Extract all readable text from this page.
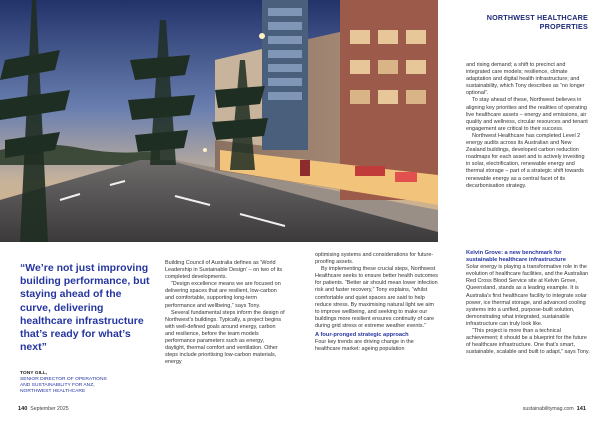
NORTHWEST HEALTHCARE
PROPERTIES

and rising demand; a shift to precinct and integrated care models; resilience, climate adaptation and digital health infrastructure; and sustainability, which Tony describes as “no longer optional”.

To stay ahead of these, Northwest believes in aligning key priorities and the realities of operating live healthcare assets – energy and emissions, air quality and wellness, circular resources and tenant engagement are critical to their success.

Northwest Healthcare has completed Level 2 energy audits across its Australian and New Zealand buildings, developed carbon reduction roadmaps for each asset and is actively investing in solar, electrification, renewable energy and thermal storage – part of a strategic shift towards renewable energy as a central facet of its decarbonisation strategy.

“We’re not just improving building performance, but staying ahead of the curve, delivering healthcare infrastructure that’s ready for what’s next”
TONY GILL,
SENIOR DIRECTOR OF OPERATIONS
AND SUSTAINABILITY FOR ANZ,
NORTHWEST HEALTHCARE

Building Council of Australia defines as ‘World Leadership in Sustainable Design’ – on two of its completed developments.

“Design excellence means we are focused on delivering spaces that are resilient, low-carbon and comfortable, supporting long-term performance and wellbeing,” says Tony.

Several fundamental steps inform the design of Northwest’s buildings. Typically, a project begins with well-defined goals around energy, carbon and resilience, before the team models performance parameters such as energy, daylight, thermal comfort and ventilation. Other steps include prioritising low-carbon materials, energy

optimising systems and considerations for future-proofing assets.

By implementing these crucial steps, Northwest Healthcare seeks to ensure better health outcomes for patients. “Better air should mean lower infection risk and faster recovery,” Tony explains, “whilst comfortable and quiet spaces are said to help reduce stress. By maximising natural light we aim to improve wellbeing, and seeking to make our buildings more resilient ensures continuity of care during grid stress or extreme weather events.”

A four-pronged strategic approach

Four key trends are driving change in the healthcare market: ageing population

Kelvin Grove: a new benchmark for sustainable healthcare infrastructure

Solar energy is playing a transformative role in the evolution of healthcare facilities, and the Australian Red Cross Blood Service site at Kelvin Grove, Queensland, stands as a leading example. It is Australia’s first healthcare facility to integrate solar power, ice thermal storage, and advanced cooling systems into a unified, purpose-built solution, demonstrating what integrated, sustainable infrastructure can truly look like.

“This project is more than a technical achievement; it should be a blueprint for the future of healthcare infrastructure. One that’s smart, sustainable, scalable and built to adapt,” says Tony.

140 September 2025	sustainabilitymag.com 141
